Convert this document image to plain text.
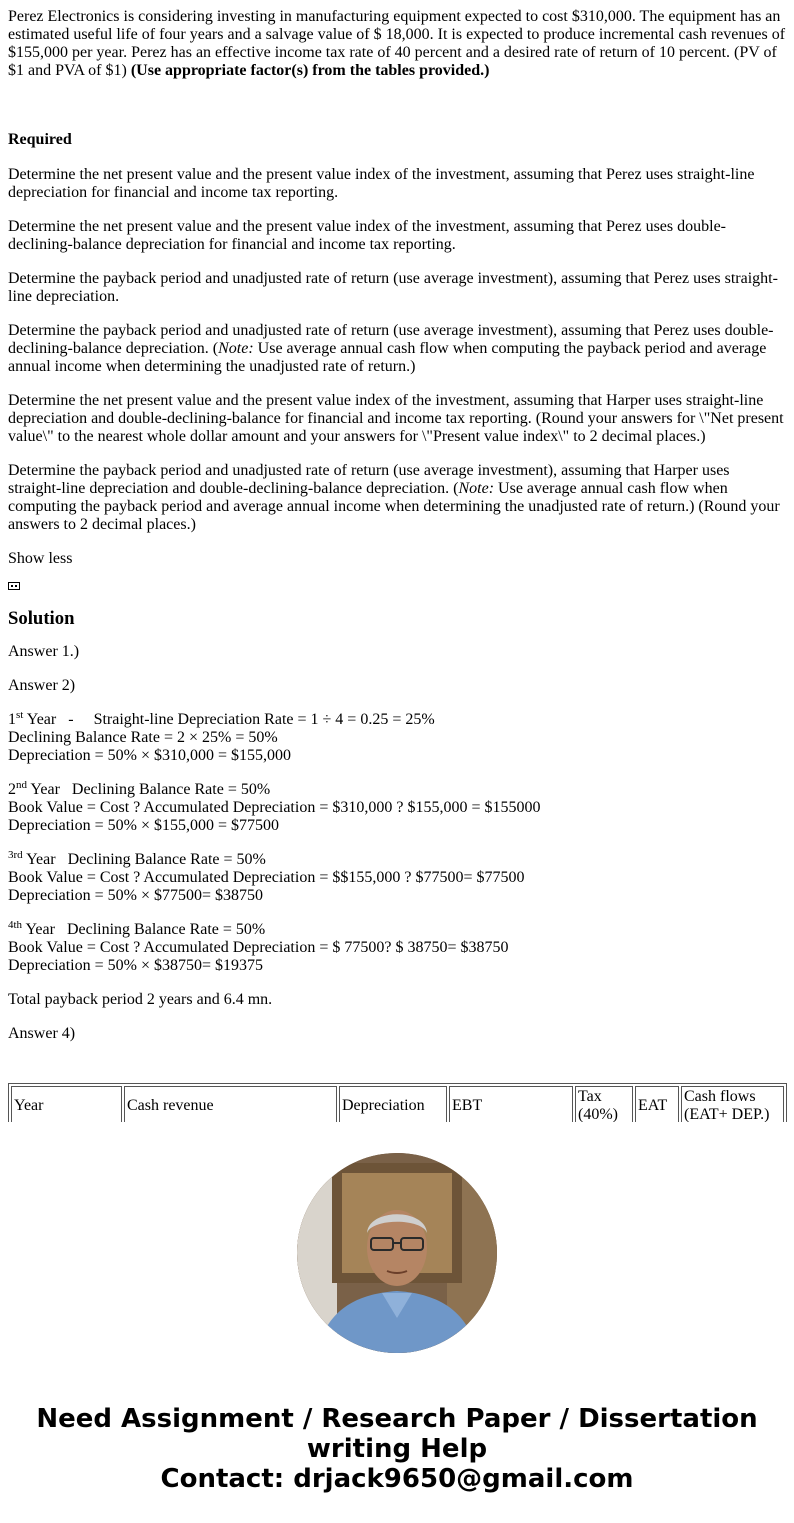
Perez Electronics is considering investing in manufacturing equipment expected to cost $310,000. The equipment has an estimated useful life of four years and a salvage value of $ 18,000. It is expected to produce incremental cash revenues of $155,000 per year. Perez has an effective income tax rate of 40 percent and a desired rate of return of 10 percent. (PV of $1 and PVA of $1) (Use appropriate factor(s) from the tables provided.)

Required

Determine the net present value and the present value index of the investment, assuming that Perez uses straight-line depreciation for financial and income tax reporting.

Determine the net present value and the present value index of the investment, assuming that Perez uses double-declining-balance depreciation for financial and income tax reporting.

Determine the payback period and unadjusted rate of return (use average investment), assuming that Perez uses straight-line depreciation.

Determine the payback period and unadjusted rate of return (use average investment), assuming that Perez uses double-declining-balance depreciation. (Note: Use average annual cash flow when computing the payback period and average annual income when determining the unadjusted rate of return.)

Determine the net present value and the present value index of the investment, assuming that Harper uses straight-line depreciation and double-declining-balance for financial and income tax reporting. (Round your answers for \"Net present value\" to the nearest whole dollar amount and your answers for \"Present value index\" to 2 decimal places.)

Determine the payback period and unadjusted rate of return (use average investment), assuming that Harper uses straight-line depreciation and double-declining-balance depreciation. (Note: Use average annual cash flow when computing the payback period and average annual income when determining the unadjusted rate of return.) (Round your answers to 2 decimal places.)

Show less

Solution

Answer 1.)

Answer 2)

1st Year   -     Straight-line Depreciation Rate = 1 ÷ 4 = 0.25 = 25%
Declining Balance Rate = 2 × 25% = 50%
Depreciation = 50% × $310,000 = $155,000

2nd Year   Declining Balance Rate = 50%
Book Value = Cost ? Accumulated Depreciation = $310,000 ? $155,000 = $155000
Depreciation = 50% × $155,000 = $77500

$^{3rd}$ Year   Declining Balance Rate = 50%
Book Value = Cost ? Accumulated Depreciation = $$155,000 ? $77500= $77500
Depreciation = 50% × $77500= $38750

$^{4th}$ Year   Declining Balance Rate = 50%
Book Value = Cost ? Accumulated Depreciation = $ 77500? $ 38750= $38750
Depreciation = 50% × $38750= $19375

Total payback period 2 years and 6.4 mn.

Answer 4)

Year	Cash revenue	Depreciation	EBT	Tax (40%)	EAT	Cash flows (EAT+ DEP.)
Need Assignment / Research Paper / Dissertation
writing Help
Contact: drjack9650@gmail.com
